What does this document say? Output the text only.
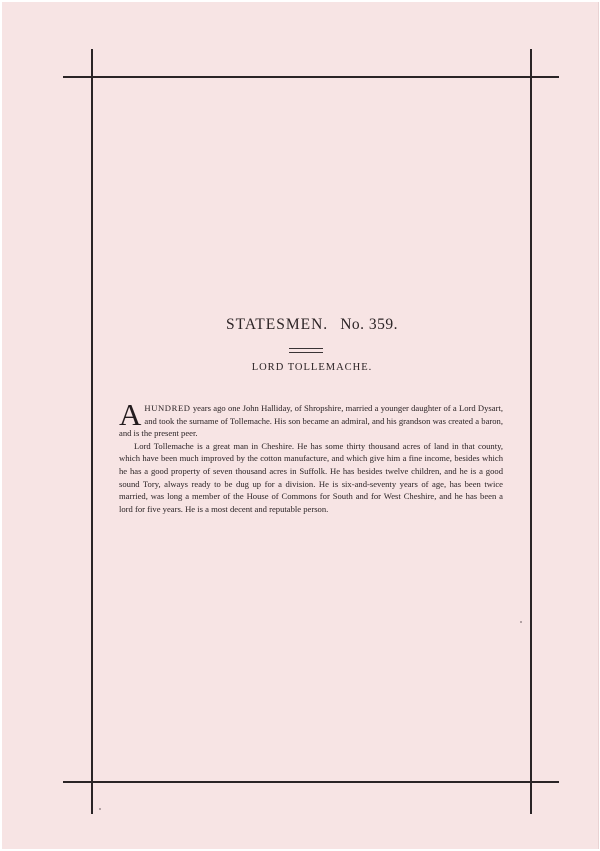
STATESMEN. No. 359.
LORD TOLLEMACHE.

AHUNDRED years ago one John Halliday, of Shropshire, married a younger daughter of a Lord Dysart, and took the surname of Tollemache. His son became an admiral, and his grandson was created a baron, and is the present peer.

Lord Tollemache is a great man in Cheshire. He has some thirty thousand acres of land in that county, which have been much improved by the cotton manufacture, and which give him a fine income, besides which he has a good property of seven thousand acres in Suffolk. He has besides twelve children, and he is a good sound Tory, always ready to be dug up for a division. He is six-and-seventy years of age, has been twice married, was long a member of the House of Commons for South and for West Cheshire, and he has been a lord for five years. He is a most decent and reputable person.
